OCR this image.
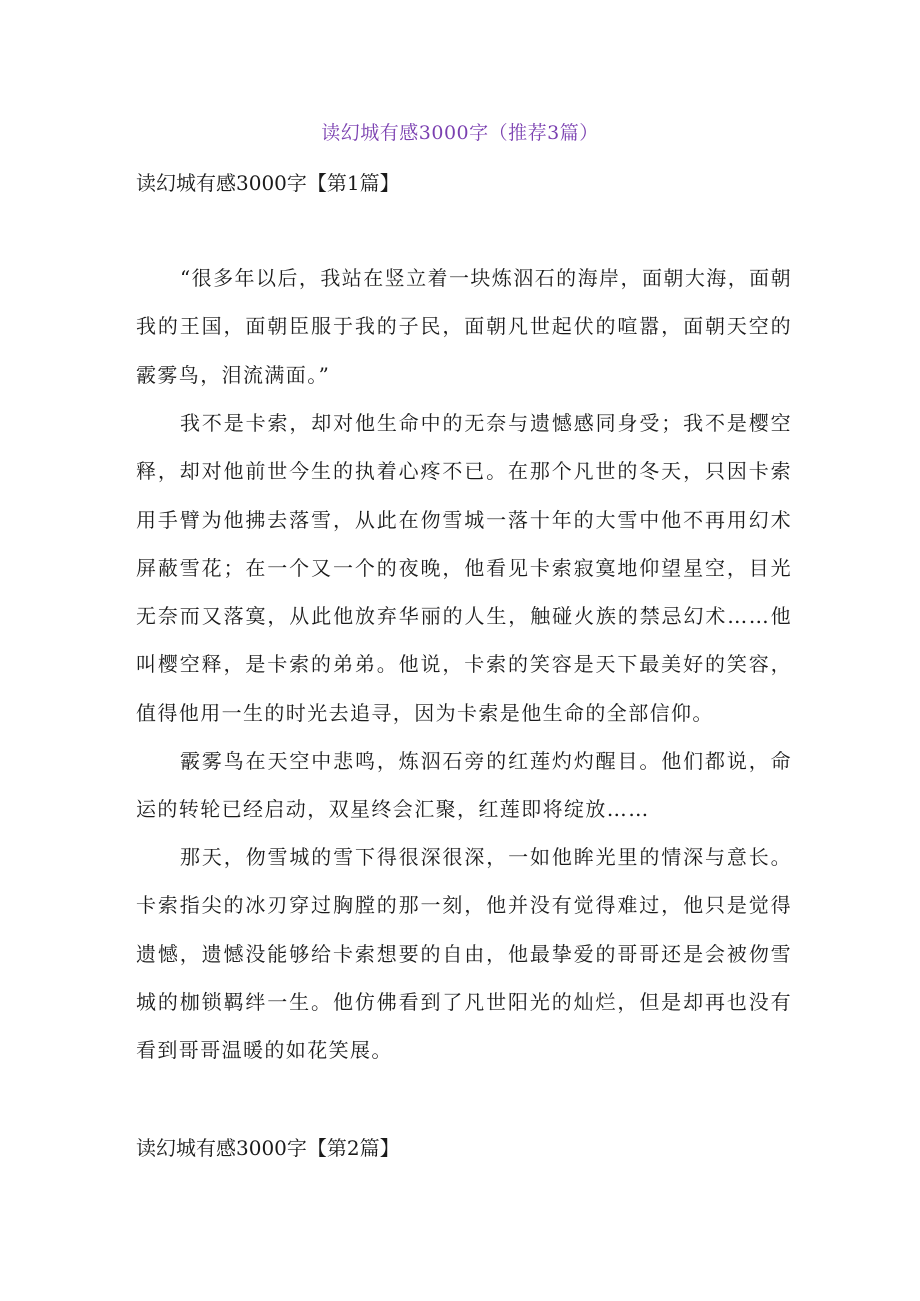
读幻城有感3000字（推荐3篇）
读幻城有感3000字【第1篇】

“很多年以后，我站在竖立着一块炼泅石的海岸，面朝大海，面朝我的王国，面朝臣服于我的子民，面朝凡世起伏的喧嚣，面朝天空的霰雾鸟，泪流满面。”

我不是卡索，却对他生命中的无奈与遗憾感同身受；我不是樱空释，却对他前世今生的执着心疼不已。在那个凡世的冬天，只因卡索用手臂为他拂去落雪，从此在伆雪城一落十年的大雪中他不再用幻术屏蔽雪花；在一个又一个的夜晚，他看见卡索寂寞地仰望星空，目光无奈而又落寞，从此他放弃华丽的人生，触碰火族的禁忌幻术……他叫樱空释，是卡索的弟弟。他说，卡索的笑容是天下最美好的笑容，值得他用一生的时光去追寻，因为卡索是他生命的全部信仰。

霰雾鸟在天空中悲鸣，炼泅石旁的红莲灼灼醒目。他们都说，命运的转轮已经启动，双星终会汇聚，红莲即将绽放……

那天，伆雪城的雪下得很深很深，一如他眸光里的情深与意长。卡索指尖的冰刃穿过胸膛的那一刻，他并没有觉得难过，他只是觉得遗憾，遗憾没能够给卡索想要的自由，他最挚爱的哥哥还是会被伆雪城的枷锁羁绊一生。他仿佛看到了凡世阳光的灿烂，但是却再也没有看到哥哥温暖的如花笑展。

读幻城有感3000字【第2篇】
